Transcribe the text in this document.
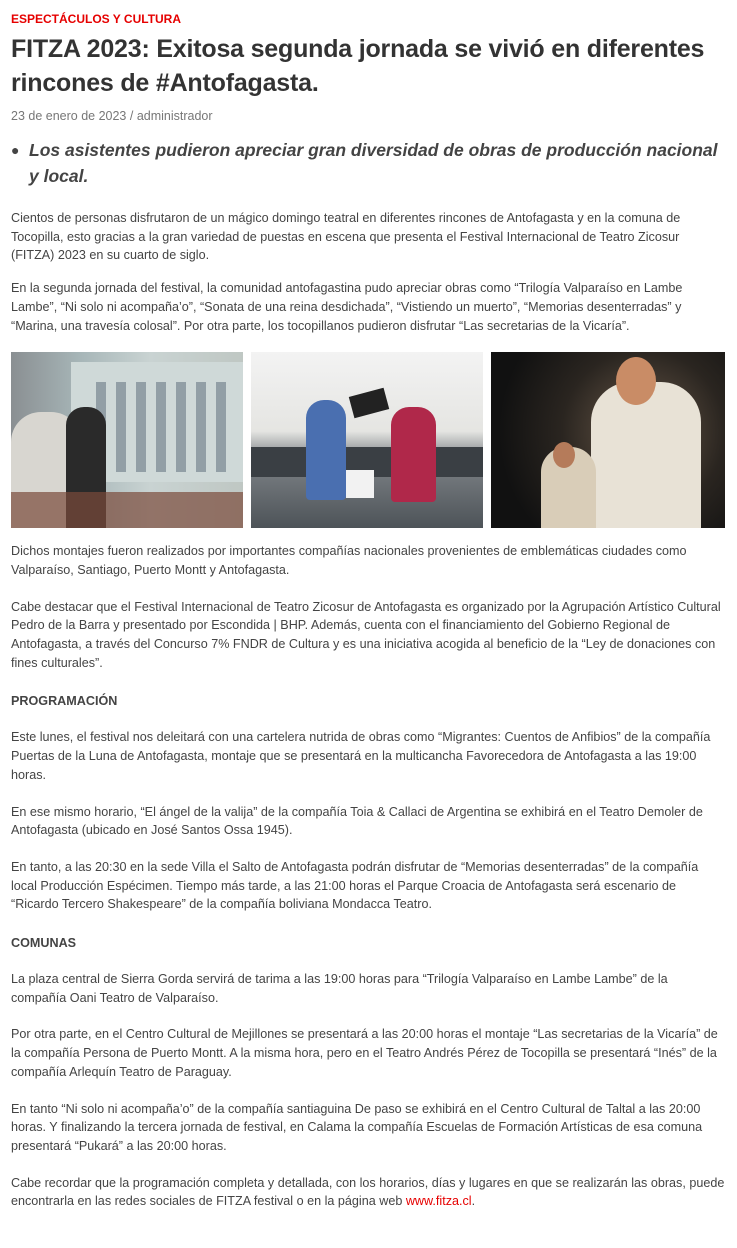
ESPECTÁCULOS Y CULTURA
FITZA 2023: Exitosa segunda jornada se vivió en diferentes rincones de #Antofagasta.
23 de enero de 2023 / administrador
● Los asistentes pudieron apreciar gran diversidad de obras de producción nacional y local.

Cientos de personas disfrutaron de un mágico domingo teatral en diferentes rincones de Antofagasta y en la comuna de Tocopilla, esto gracias a la gran variedad de puestas en escena que presenta el Festival Internacional de Teatro Zicosur (FITZA) 2023 en su cuarto de siglo.

En la segunda jornada del festival, la comunidad antofagastina pudo apreciar obras como “Trilogía Valparaíso en Lambe Lambe”, “Ni solo ni acompaña’o”, “Sonata de una reina desdichada”, “Vistiendo un muerto”, “Memorias desenterradas” y “Marina, una travesía colosal”. Por otra parte, los tocopillanos pudieron disfrutar “Las secretarias de la Vicaría”.

Dichos montajes fueron realizados por importantes compañías nacionales provenientes de emblemáticas ciudades como Valparaíso, Santiago, Puerto Montt y Antofagasta.

Cabe destacar que el Festival Internacional de Teatro Zicosur de Antofagasta es organizado por la Agrupación Artístico Cultural Pedro de la Barra y presentado por Escondida | BHP. Además, cuenta con el financiamiento del Gobierno Regional de Antofagasta, a través del Concurso 7% FNDR de Cultura y es una iniciativa acogida al beneficio de la “Ley de donaciones con fines culturales”.

PROGRAMACIÓN

Este lunes, el festival nos deleitará con una cartelera nutrida de obras como “Migrantes: Cuentos de Anfibios” de la compañía Puertas de la Luna de Antofagasta, montaje que se presentará en la multicancha Favorecedora de Antofagasta a las 19:00 horas.

En ese mismo horario, “El ángel de la valija” de la compañía Toia & Callaci de Argentina se exhibirá en el Teatro Demoler de Antofagasta (ubicado en José Santos Ossa 1945).

En tanto, a las 20:30 en la sede Villa el Salto de Antofagasta podrán disfrutar de “Memorias desenterradas” de la compañía local Producción Espécimen. Tiempo más tarde, a las 21:00 horas el Parque Croacia de Antofagasta será escenario de “Ricardo Tercero Shakespeare” de la compañía boliviana Mondacca Teatro.

COMUNAS

La plaza central de Sierra Gorda servirá de tarima a las 19:00 horas para “Trilogía Valparaíso en Lambe Lambe” de la compañía Oani Teatro de Valparaíso.

Por otra parte, en el Centro Cultural de Mejillones se presentará a las 20:00 horas el montaje “Las secretarias de la Vicaría” de la compañía Persona de Puerto Montt. A la misma hora, pero en el Teatro Andrés Pérez de Tocopilla se presentará “Inés” de la compañía Arlequín Teatro de Paraguay.

En tanto “Ni solo ni acompaña’o” de la compañía santiaguina De paso se exhibirá en el Centro Cultural de Taltal a las 20:00 horas. Y finalizando la tercera jornada de festival, en Calama la compañía Escuelas de Formación Artísticas de esa comuna presentará “Pukará” a las 20:00 horas.

Cabe recordar que la programación completa y detallada, con los horarios, días y lugares en que se realizarán las obras, puede encontrarla en las redes sociales de FITZA festival o en la página web www.fitza.cl.
